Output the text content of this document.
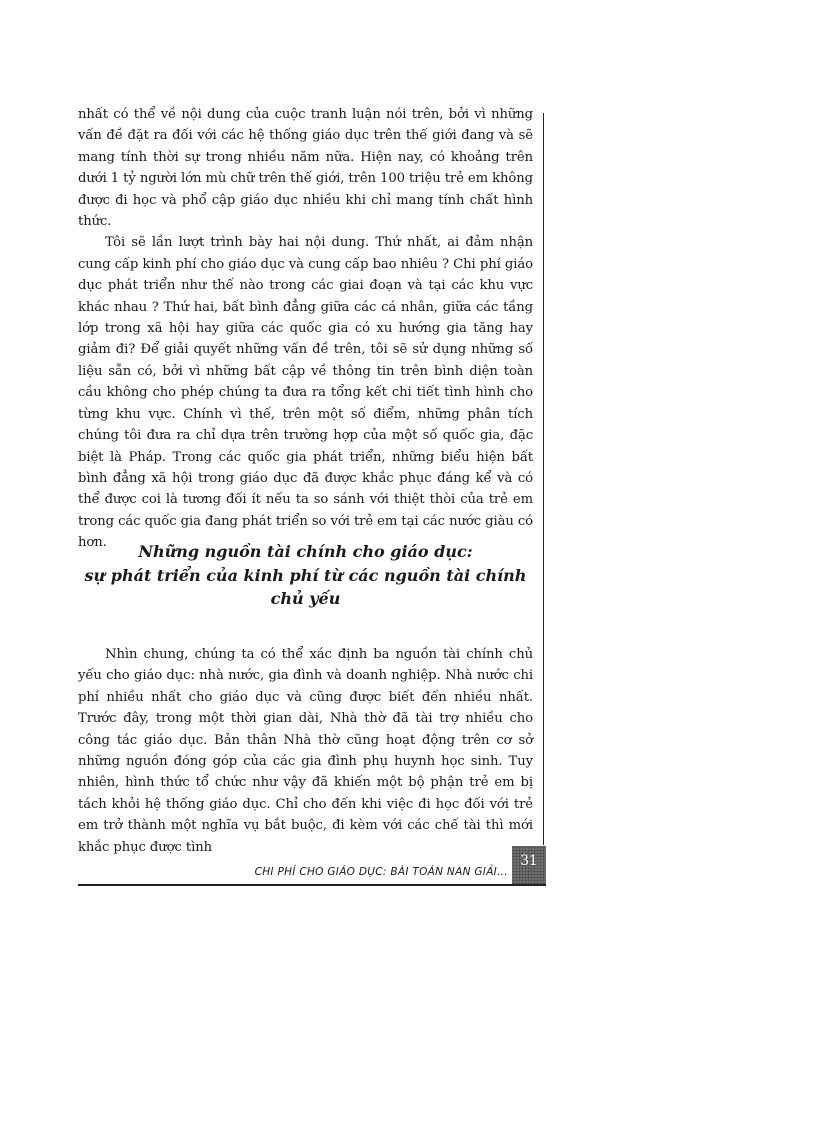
nhất có thể về nội dung của cuộc tranh luận nói trên, bởi vì những vấn đề đặt ra đối với các hệ thống giáo dục trên thế giới đang và sẽ mang tính thời sự trong nhiều năm nữa. Hiện nay, có khoảng trên dưới 1 tỷ người lớn mù chữ trên thế giới, trên 100 triệu trẻ em không được đi học và phổ cập giáo dục nhiều khi chỉ mang tính chất hình thức.

Tôi sẽ lần lượt trình bày hai nội dung. Thứ nhất, ai đảm nhận cung cấp kinh phí cho giáo dục và cung cấp bao nhiêu ? Chi phí giáo dục phát triển như thế nào trong các giai đoạn và tại các khu vực khác nhau ? Thứ hai, bất bình đẳng giữa các cá nhân, giữa các tầng lớp trong xã hội hay giữa các quốc gia có xu hướng gia tăng hay giảm đi? Để giải quyết những vấn đề trên, tôi sẽ sử dụng những số liệu sẵn có, bởi vì những bất cập về thông tin trên bình diện toàn cầu không cho phép chúng ta đưa ra tổng kết chi tiết tình hình cho từng khu vực. Chính vì thế, trên một số điểm, những phân tích chúng tôi đưa ra chỉ dựa trên trường hợp của một số quốc gia, đặc biệt là Pháp. Trong các quốc gia phát triển, những biểu hiện bất bình đẳng xã hội trong giáo dục đã được khắc phục đáng kể và có thể được coi là tương đối ít nếu ta so sánh với thiệt thòi của trẻ em trong các quốc gia đang phát triển so với trẻ em tại các nước giàu có hơn.	Những nguồn tài chính cho giáo dục:
sự phát triển của kinh phí từ các nguồn tài chính
chủ yếu

Nhìn chung, chúng ta có thể xác định ba nguồn tài chính chủ yếu cho giáo dục: nhà nước, gia đình và doanh nghiệp. Nhà nước chi phí nhiều nhất cho giáo dục và cũng được biết đến nhiều nhất. Trước đây, trong một thời gian dài, Nhà thờ đã tài trợ nhiều cho công tác giáo dục. Bản thân Nhà thờ cũng hoạt động trên cơ sở những nguồn đóng góp của các gia đình phụ huynh học sinh. Tuy nhiên, hình thức tổ chức như vậy đã khiến một bộ phận trẻ em bị tách khỏi hệ thống giáo dục. Chỉ cho đến khi việc đi học đối với trẻ em trở thành một nghĩa vụ bắt buộc, đi kèm với các chế tài thì mới khắc phục được tình

CHI PHÍ CHO GIÁO DỤC: BÀI TOÁN NAN GIẢI...

31
